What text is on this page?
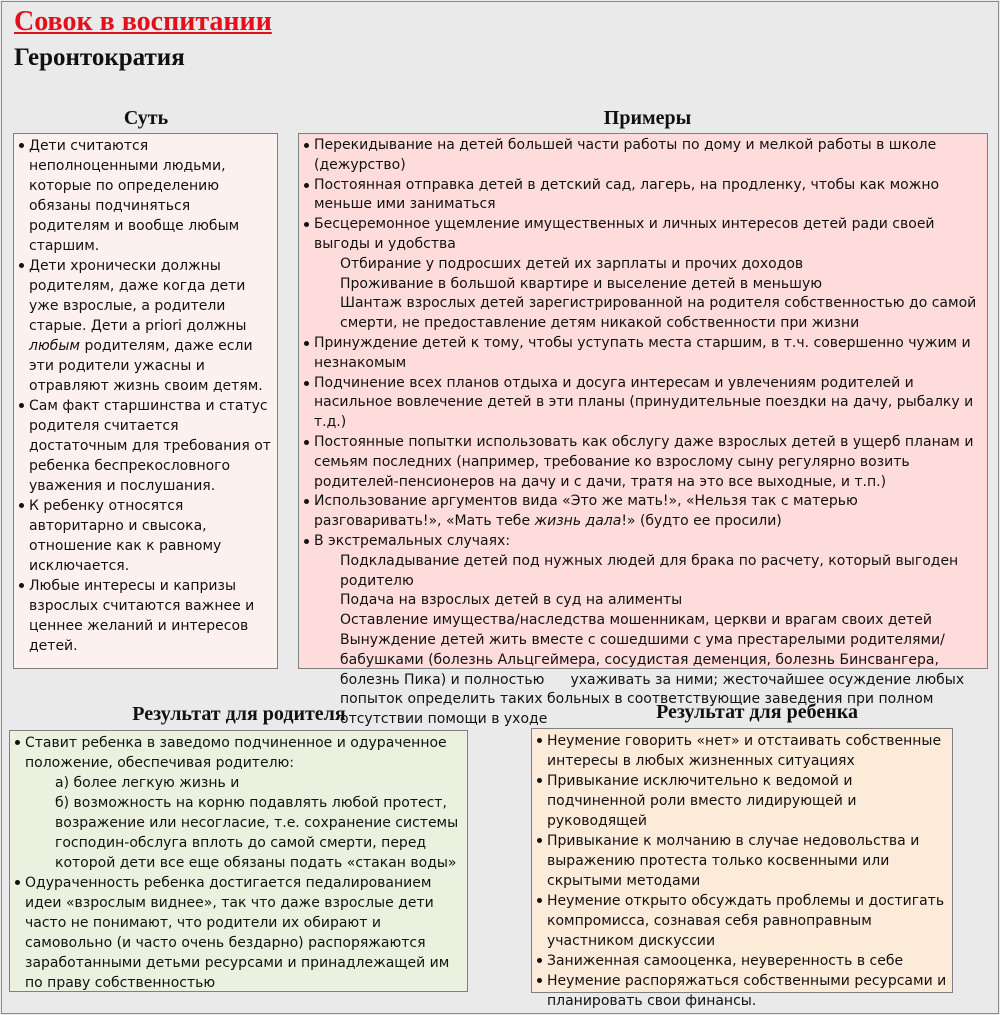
Совок в воспитании
Геронтократия
Суть
Дети считаются неполноценными людьми, которые по определению обязаны подчиняться родителям и вообще любым старшим.
Дети хронически должны родителям, даже когда дети уже взрослые, а родители старые. Дети a priori должны любым родителям, даже если эти родители ужасны и отравляют жизнь своим детям.
Сам факт старшинства и статус родителя считается достаточным для требования от ребенка беспрекословного уважения и послушания.
К ребенку относятся авторитарно и свысока, отношение как к равному исключается.
Любые интересы и капризы взрослых считаются важнее и ценнее желаний и интересов детей.
Примеры
Перекидывание на детей большей части работы по дому и мелкой работы в школе (дежурство)
Постоянная отправка детей в детский сад, лагерь, на продленку, чтобы как можно меньше ими заниматься
Бесцеремонное ущемление имущественных и личных интересов детей ради своей выгоды и удобства
Отбирание у подросших детей их зарплаты и прочих доходов
Проживание в большой квартире и выселение детей в меньшую
Шантаж взрослых детей зарегистрированной на родителя собственностью до самой смерти, не предоставление детям никакой собственности при жизни
Принуждение детей к тому, чтобы уступать места старшим, в т.ч. совершенно чужим и незнакомым
Подчинение всех планов отдыха и досуга интересам и увлечениям родителей и насильное вовлечение детей в эти планы (принудительные поездки на дачу, рыбалку и т.д.)
Постоянные попытки использовать как обслугу даже взрослых детей в ущерб планам и семьям последних (например, требование ко взрослому сыну регулярно возить родителей-пенсионеров на дачу и с дачи, тратя на это все выходные, и т.п.)
Использование аргументов вида «Это же мать!», «Нельзя так с матерью разговаривать!», «Мать тебе жизнь дала!» (будто ее просили)
В экстремальных случаях:
Подкладывание детей под нужных людей для брака по расчету, который выгоден родителю
Подача на взрослых детей в суд на алименты
Оставление имущества/наследства мошенникам, церкви и врагам своих детей
Вынуждение детей жить вместе с сошедшими с ума престарелыми родителями/бабушками (болезнь Альцгеймера, сосудистая деменция, болезнь Бинсвангера, болезнь Пика) и полностью ухаживать за ними; жесточайшее осуждение любых попыток определить таких больных в соответствующие заведения при полном отсутствии помощи в уходе
Результат для родителя
Ставит ребенка в заведомо подчиненное и одураченное положение, обеспечивая родителю:
а) более легкую жизнь и
б) возможность на корню подавлять любой протест, возражение или несогласие, т.е. сохранение системы господин-обслуга вплоть до самой смерти, перед которой дети все еще обязаны подать «стакан воды»
Одураченность ребенка достигается педалированием идеи «взрослым виднее», так что даже взрослые дети часто не понимают, что родители их обирают и самовольно (и часто очень бездарно) распоряжаются заработанными детьми ресурсами и принадлежащей им по праву собственностью
Результат для ребенка
Неумение говорить «нет» и отстаивать собственные интересы в любых жизненных ситуациях
Привыкание исключительно к ведомой и подчиненной роли вместо лидирующей и руководящей
Привыкание к молчанию в случае недовольства и выражению протеста только косвенными или скрытыми методами
Неумение открыто обсуждать проблемы и достигать компромисса, сознавая себя равноправным участником дискуссии
Заниженная самооценка, неуверенность в себе
Неумение распоряжаться собственными ресурсами и планировать свои финансы.
